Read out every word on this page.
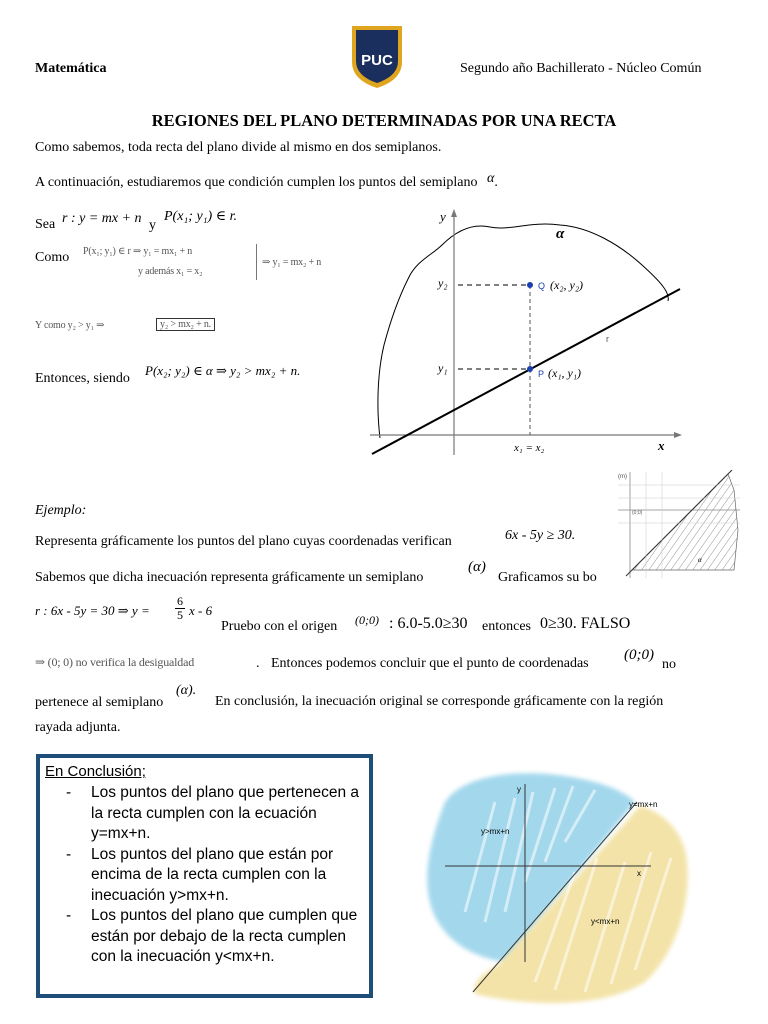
Matemática	PUC	Segundo año Bachillerato - Núcleo Común
REGIONES DEL PLANO DETERMINADAS POR UNA RECTA
Como sabemos, toda recta del plano divide al mismo en dos semiplanos.
A continuación, estudiaremos que condición cumplen los puntos del semiplano α.
Sea r : y = mx + n y
P(x₁; y₁) ∈ r.
Como P(x₁; y₁) ∈ r ⇒ y₁ = mx₁ + n
y además x₁ = x₂
⇒ y₁ = mx₂ + n
Y como y₂ > y₁ ⇒	y₂ > mx₂ + n.
Entonces, siendo
P(x₂; y₂) ∈ α ⇒ y₂ > mx₂ + n.
y
x
α
y₂
y₁
Q (x₂, y₂)
P (x₁, y₁)
r
x₁ = x₂
Ejemplo:
(m)
(0;0)
α
Representa gráficamente los puntos del plano cuyas coordenadas verifican	6x - 5y ≥ 30.
Sabemos que dicha inecuación representa gráficamente un semiplano
(α)
Graficamos su bo
r : 6x - 5y = 30 ⇒ $y = \frac{6}{5}$ x - 6
Pruebo con el origen (0;0) : 6.0-5.0≥30 entonces 0≥30. FALSO
⇒ (0; 0) no verifica la desigualdad	. Entonces podemos concluir que el punto de coordenadas
(0;0)
no
pertenece al semiplano
(α).
En conclusión, la inecuación original se corresponde gráficamente con la región
rayada adjunta.
En Conclusión;
- Los puntos del plano que pertenecen a la recta cumplen con la ecuación y=mx+n.
- Los puntos del plano que están por encima de la recta cumplen con la inecuación y>mx+n.
- Los puntos del plano que cumplen que están por debajo de la recta cumplen con la inecuación y<mx+n.
y
x
y=mx+n
y>mx+n
y<mx+n
